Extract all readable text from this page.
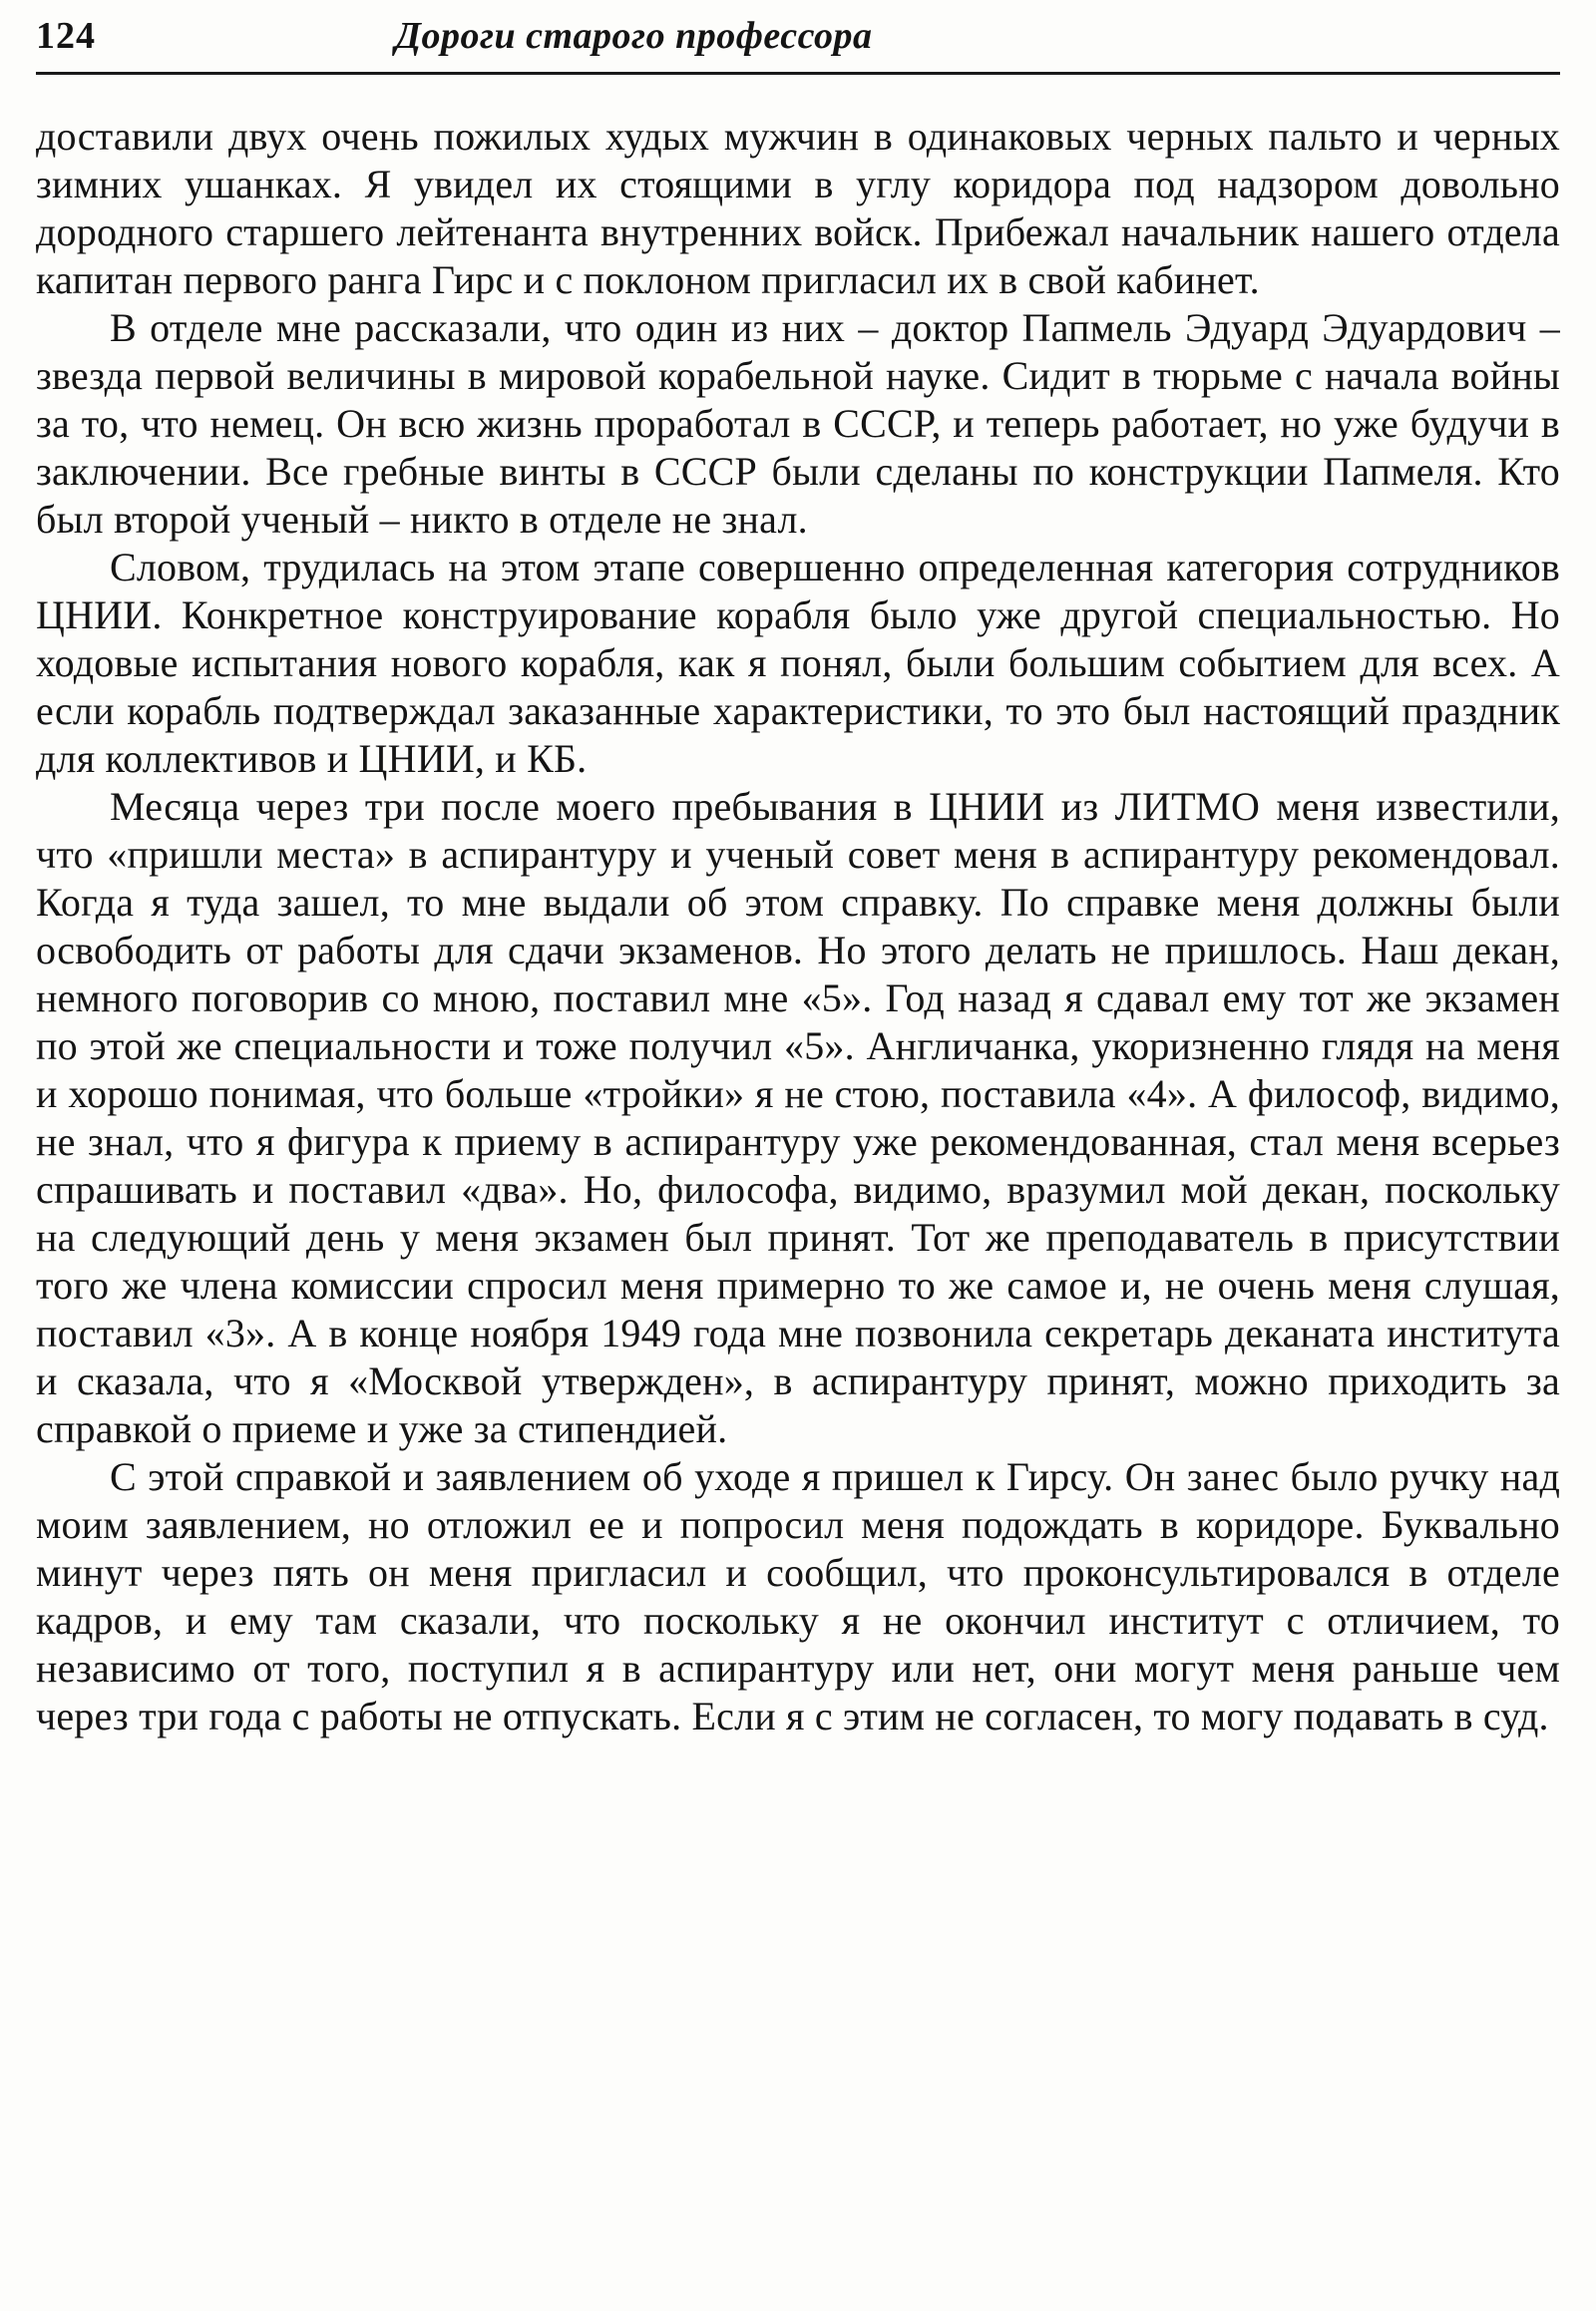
124	Дороги старого профессора

доставили двух очень пожилых худых мужчин в одинаковых черных пальто и черных зимних ушанках. Я увидел их стоящими в углу коридора под надзором довольно дородного старшего лейтенанта внутренних войск. Прибежал начальник нашего отдела капитан первого ранга Гирс и с поклоном пригласил их в свой кабинет.

В отделе мне рассказали, что один из них – доктор Папмель Эдуард Эдуардович – звезда первой величины в мировой корабельной науке. Сидит в тюрьме с начала войны за то, что немец. Он всю жизнь проработал в СССР, и теперь работает, но уже будучи в заключении. Все гребные винты в СССР были сделаны по конструкции Папмеля. Кто был второй ученый – никто в отделе не знал.

Словом, трудилась на этом этапе совершенно определенная категория сотрудников ЦНИИ. Конкретное конструирование корабля было уже другой специальностью. Но ходовые испытания нового корабля, как я понял, были большим событием для всех. А если корабль подтверждал заказанные характеристики, то это был настоящий праздник для коллективов и ЦНИИ, и КБ.

Месяца через три после моего пребывания в ЦНИИ из ЛИТМО меня известили, что «пришли места» в аспирантуру и ученый совет меня в аспирантуру рекомендовал. Когда я туда зашел, то мне выдали об этом справку. По справке меня должны были освободить от работы для сдачи экзаменов. Но этого делать не пришлось. Наш декан, немного поговорив со мною, поставил мне «5». Год назад я сдавал ему тот же экзамен по этой же специальности и тоже получил «5». Англичанка, укоризненно глядя на меня и хорошо понимая, что больше «тройки» я не стою, поставила «4». А философ, видимо, не знал, что я фигура к приему в аспирантуру уже рекомендованная, стал меня всерьез спрашивать и поставил «два». Но, философа, видимо, вразумил мой декан, поскольку на следующий день у меня экзамен был принят. Тот же преподаватель в присутствии того же члена комиссии спросил меня примерно то же самое и, не очень меня слушая, поставил «3». А в конце ноября 1949 года мне позвонила секретарь деканата института и сказала, что я «Москвой утвержден», в аспирантуру принят, можно приходить за справкой о приеме и уже за стипендией.

С этой справкой и заявлением об уходе я пришел к Гирсу. Он занес было ручку над моим заявлением, но отложил ее и попросил меня подождать в коридоре. Буквально минут через пять он меня пригласил и сообщил, что проконсультировался в отделе кадров, и ему там сказали, что поскольку я не окончил институт с отличием, то независимо от того, поступил я в аспирантуру или нет, они могут меня раньше чем через три года с работы не отпускать. Если я с этим не согласен, то могу подавать в суд.
